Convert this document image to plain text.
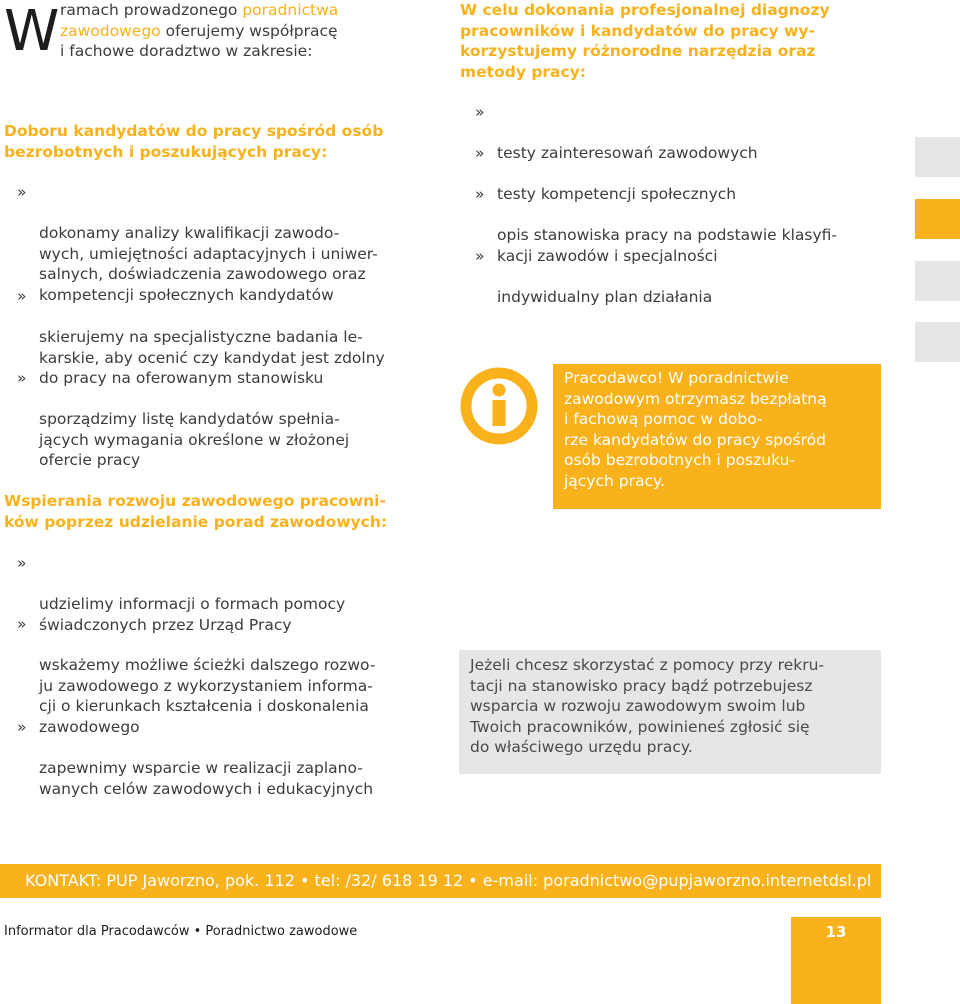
W ramach prowadzonego poradnictwa
zawodowego oferujemy współpracę
i fachowe doradztwo w zakresie:
Doboru kandydatów do pracy spośród osób
bezrobotnych i poszukujących pracy:

»

dokonamy analizy kwalifikacji zawodo-
wych, umiejętności adaptacyjnych i uniwer-
salnych, doświadczenia zawodowego oraz
kompetencji społecznych kandydatów

»

skierujemy na specjalistyczne badania le-
karskie, aby ocenić czy kandydat jest zdolny
do pracy na oferowanym stanowisku

»

sporządzimy listę kandydatów spełnia-
jących wymagania określone w złożonej
ofercie pracy

Wspierania rozwoju zawodowego pracowni-
ków poprzez udzielanie porad zawodowych:

»

udzielimy informacji o formach pomocy
świadczonych przez Urząd Pracy

»

wskażemy możliwe ścieżki dalszego rozwo-
ju zawodowego z wykorzystaniem informa-
cji o kierunkach kształcenia i doskonalenia
zawodowego

»

zapewnimy wsparcie w realizacji zaplano-
wanych celów zawodowych i edukacyjnych

W celu dokonania profesjonalnej diagnozy
pracowników i kandydatów do pracy wy-
korzystujemy różnorodne narzędzia oraz
metody pracy:

»

testy zainteresowań zawodowych

»

testy kompetencji społecznych

»

opis stanowiska pracy na podstawie klasyfi-
kacji zawodów i specjalności

»

indywidualny plan działania

Pracodawco! W poradnictwie
zawodowym otrzymasz bezpłatną
i fachową pomoc w dobo-
rze kandydatów do pracy spośród
osób bezrobotnych i poszuku-
jących pracy.
Jeżeli chcesz skorzystać z pomocy przy rekru-
tacji na stanowisko pracy bądź potrzebujesz
wsparcia w rozwoju zawodowym swoim lub
Twoich pracowników, powinieneś zgłosić się
do właściwego urzędu pracy.
KONTAKT: PUP Jaworzno, pok. 112 • tel: /32/ 618 19 12 • e-mail: poradnictwo@pupjaworzno.internetdsl.pl
Informator dla Pracodawców • Poradnictwo zawodowe	13
